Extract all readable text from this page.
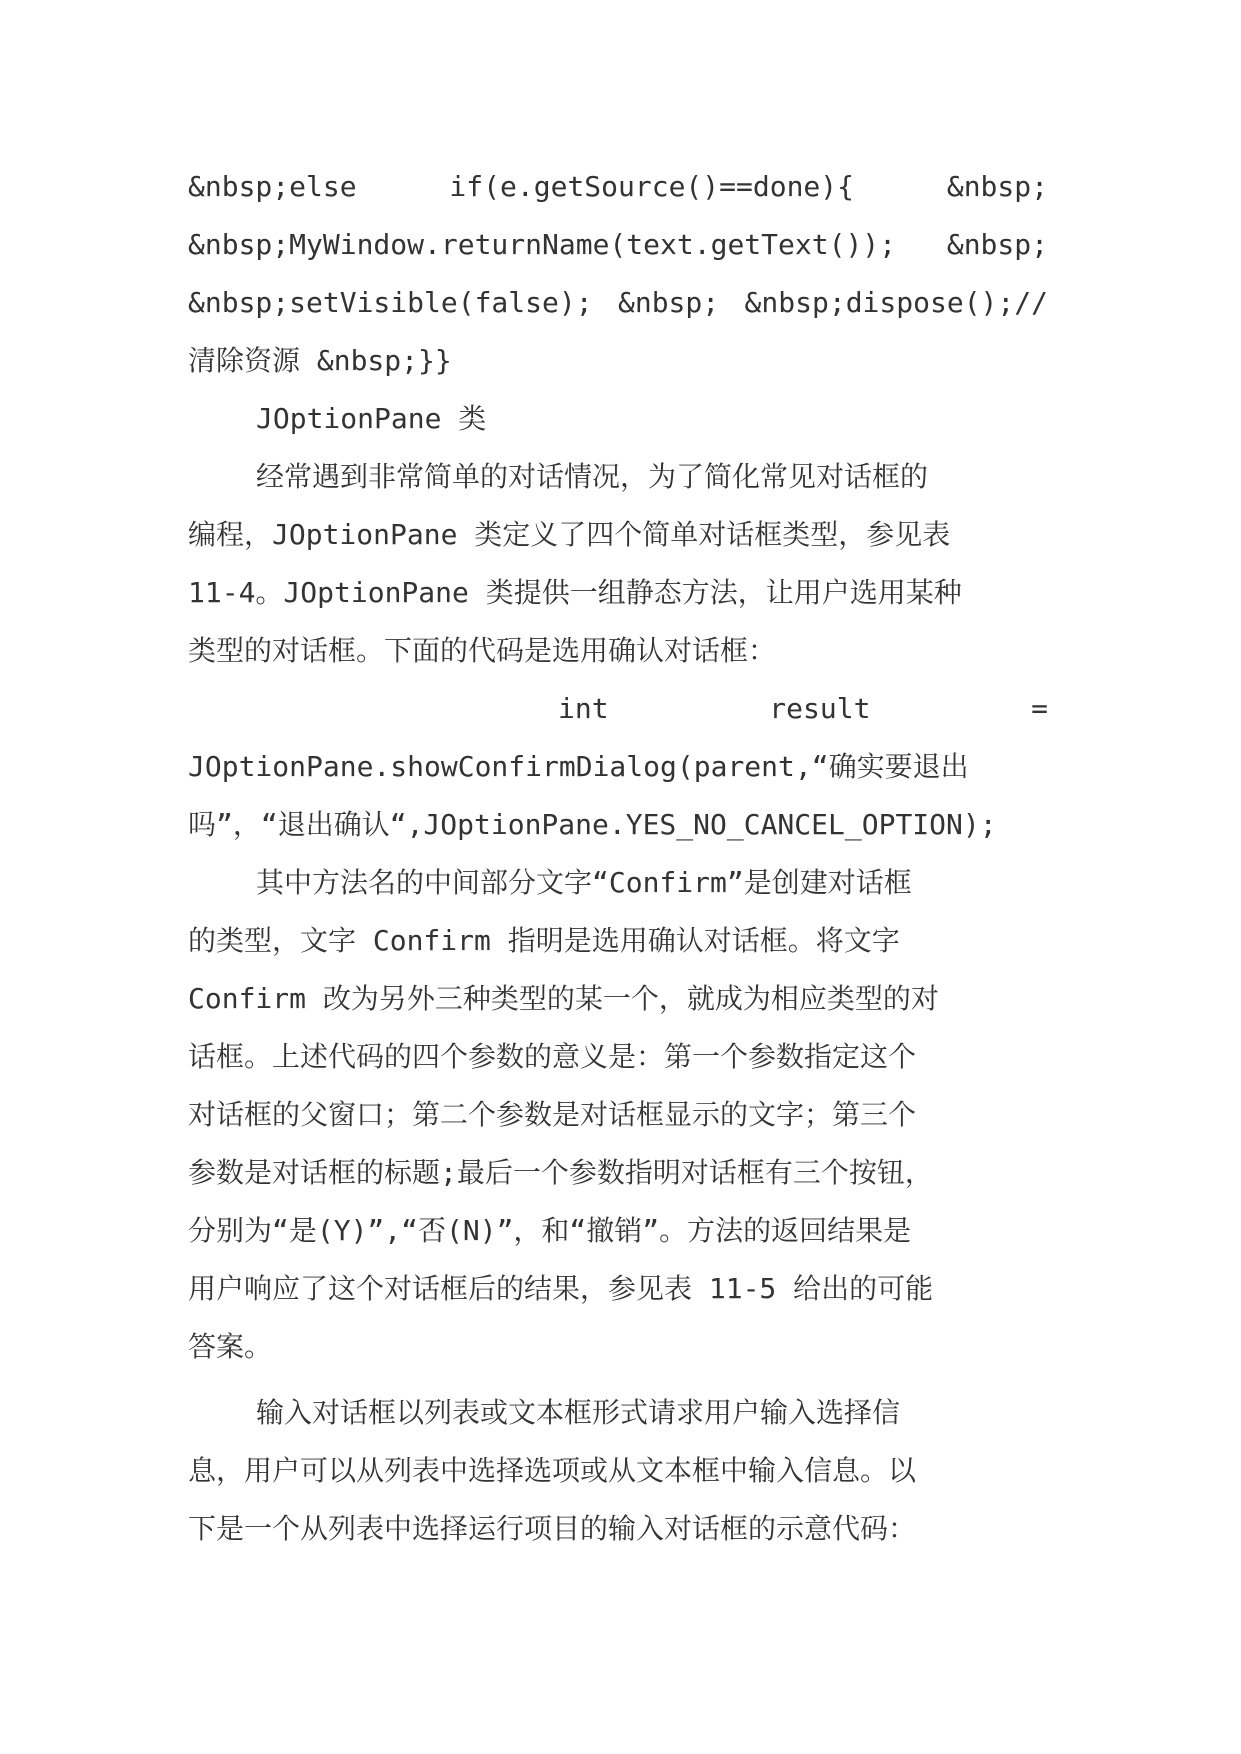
&nbsp;else	if(e.getSource()==done){	&nbsp;
&nbsp;MyWindow.returnName(text.getText()); &nbsp;
&nbsp;setVisible(false); &nbsp; &nbsp;dispose();//
清除资源 &nbsp;}}
JOptionPane 类
经常遇到非常简单的对话情况，为了简化常见对话框的
编程，JOptionPane 类定义了四个简单对话框类型，参见表
11-4。JOptionPane 类提供一组静态方法，让用户选用某种
类型的对话框。下面的代码是选用确认对话框：
int	result	=
JOptionPane.showConfirmDialog(parent,“确实要退出
吗”，“退出确认“,JOptionPane.YES_NO_CANCEL_OPTION);
其中方法名的中间部分文字“Confirm”是创建对话框
的类型，文字 Confirm 指明是选用确认对话框。将文字
Confirm 改为另外三种类型的某一个，就成为相应类型的对
话框。上述代码的四个参数的意义是：第一个参数指定这个
对话框的父窗口；第二个参数是对话框显示的文字；第三个
参数是对话框的标题;最后一个参数指明对话框有三个按钮，
分别为“是(Y)”,“否(N)”，和“撤销”。方法的返回结果是
用户响应了这个对话框后的结果，参见表 11-5 给出的可能
答案。
输入对话框以列表或文本框形式请求用户输入选择信
息，用户可以从列表中选择选项或从文本框中输入信息。以
下是一个从列表中选择运行项目的输入对话框的示意代码：
